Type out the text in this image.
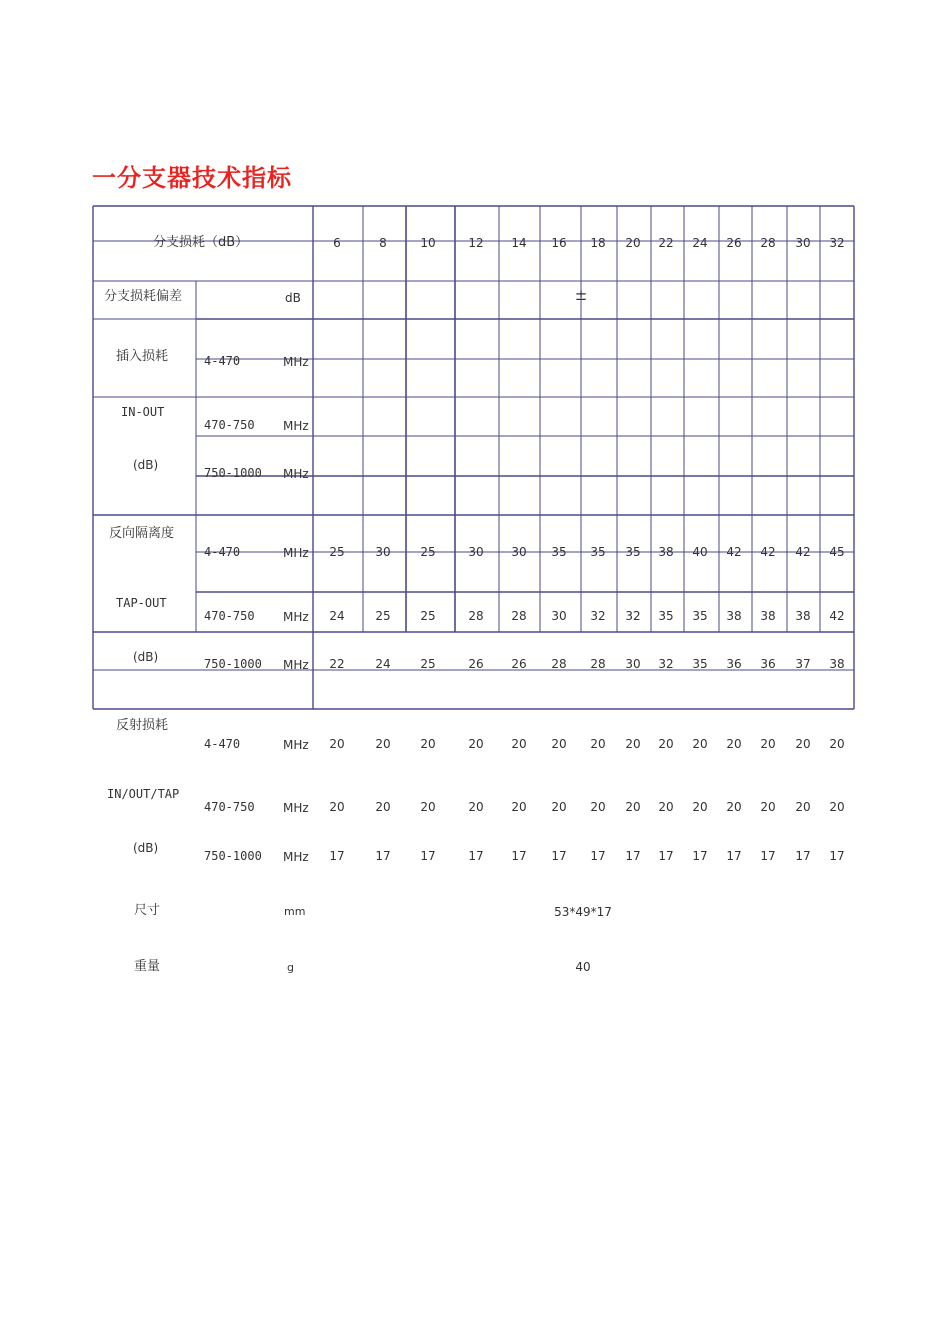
一分支器技术指标
分支损耗（dB）	6	8	10	12 14 16 18 20 22 24 26 28 30 32
分支损耗偏差	dB	±
插入损耗
IN-OUT
(dB)
4-470	MHz
470-750 MHz
750-1000 MHz
反向隔离度
TAP-OUT
(dB)
4-470	MHz 25	30 25	30 30 35 35 35 38 40 42 42 42 45
470-750 MHz 24	25 25	28 28 30 32 32 35 35 38 38 38 42
750-1000 MHz 22	24 25	26 26 28 28 30 32 35 36 36 37 38
反射损耗
IN/OUT/TAP
(dB)
4-470	MHz 20	20 20	20 20 20 20 20 20 20 20 20 20 20
470-750 MHz 20	20 20	20 20 20 20 20 20 20 20 20 20 20
750-1000 MHz 17	17 17	17 17 17 17 17 17 17 17 17 17 17
尺寸	mm	53*49*17
重量	g	40
